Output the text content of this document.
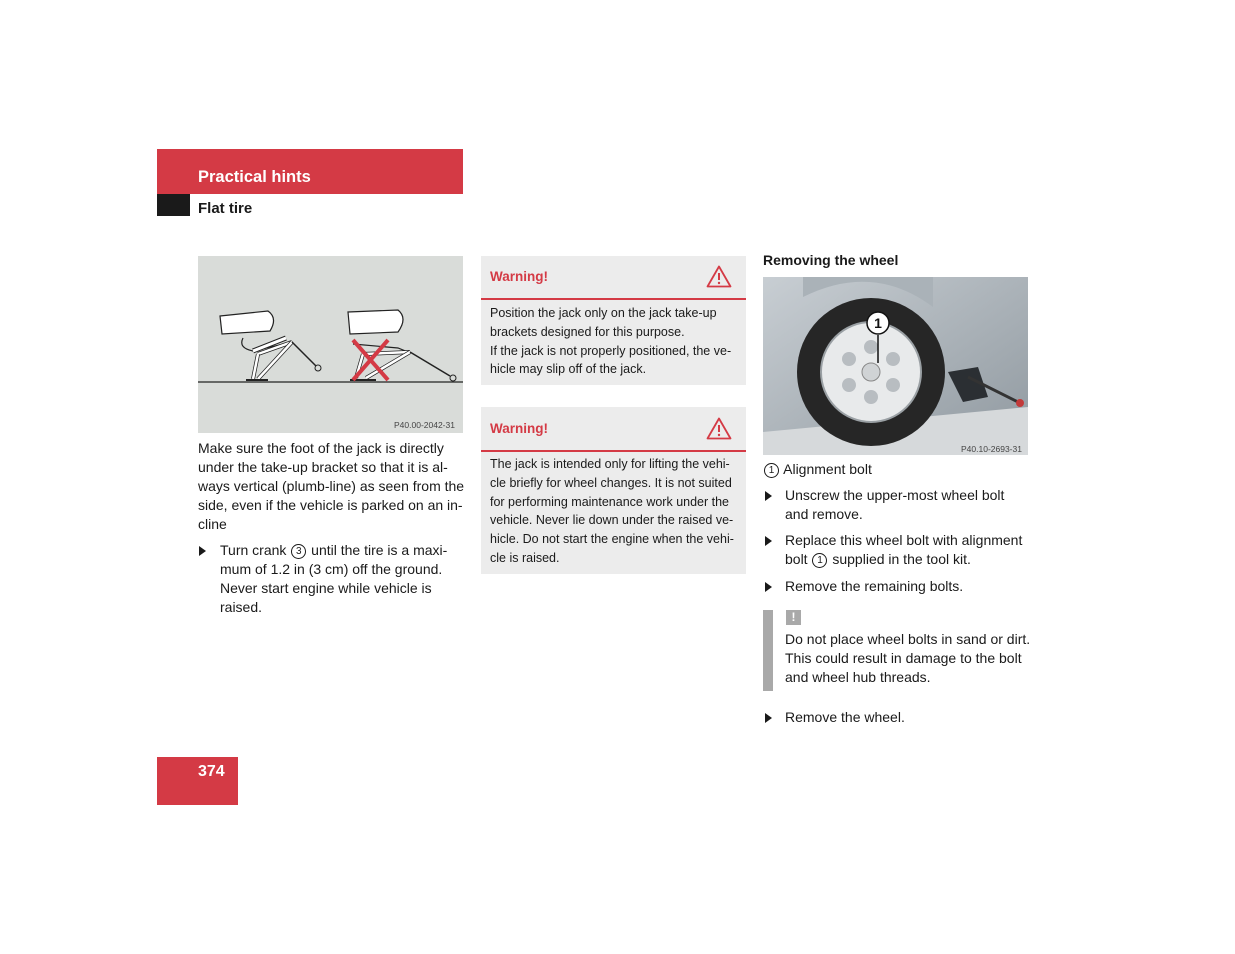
Practical hints
Flat tire
P40.00-2042-31
Make sure the foot of the jack is directly
under the take-up bracket so that it is al-
ways vertical (plumb-line) as seen from the
side, even if the vehicle is parked on an in-
cline
Turn crank 3 until the tire is a maxi-
mum of 1.2 in (3 cm) off the ground.
Never start engine while vehicle is
raised.
Warning!
Position the jack only on the jack take-up
brackets designed for this purpose.
If the jack is not properly positioned, the ve-
hicle may slip off of the jack.
Warning!
The jack is intended only for lifting the vehi-
cle briefly for wheel changes. It is not suited
for performing maintenance work under the
vehicle. Never lie down under the raised ve-
hicle. Do not start the engine when the vehi-
cle is raised.
Removing the wheel
1
P40.10-2693-31
1 Alignment bolt
Unscrew the upper-most wheel bolt
and remove.
Replace this wheel bolt with alignment
bolt 1 supplied in the tool kit.
Remove the remaining bolts.
!
Do not place wheel bolts in sand or dirt.
This could result in damage to the bolt
and wheel hub threads.
Remove the wheel.
374
